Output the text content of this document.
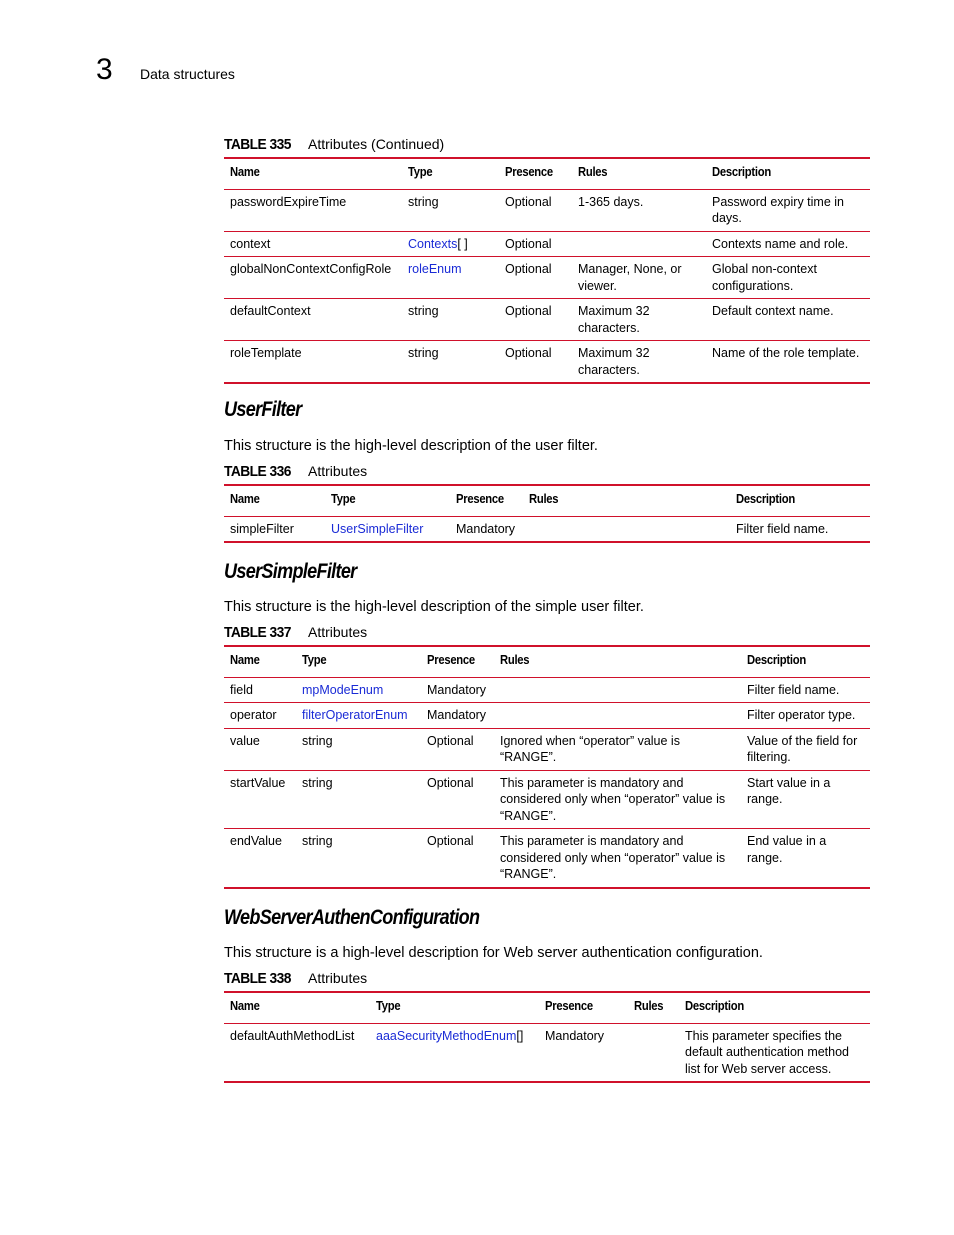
3 Data structures
TABLE 335 Attributes (Continued)
Name	Type	Presence	Rules	Description
passwordExpireTime	string	Optional	1-365 days.	Password expiry time in days.
context	Contexts[ ]	Optional		Contexts name and role.
globalNonContextConfigRole	roleEnum	Optional	Manager, None, or viewer.	Global non-context configurations.
defaultContext	string	Optional	Maximum 32 characters.	Default context name.
roleTemplate	string	Optional	Maximum 32 characters.	Name of the role template.
UserFilter
This structure is the high-level description of the user filter.
TABLE 336 Attributes
Name	Type	Presence	Rules	Description
simpleFilter	UserSimpleFilter	Mandatory		Filter field name.
UserSimpleFilter
This structure is the high-level description of the simple user filter.
TABLE 337 Attributes
Name	Type	Presence	Rules	Description
field	mpModeEnum	Mandatory		Filter field name.
operator	filterOperatorEnum	Mandatory		Filter operator type.
value	string	Optional	Ignored when “operator” value is “RANGE”.	Value of the field for filtering.
startValue	string	Optional	This parameter is mandatory and considered only when “operator” value is “RANGE”.	Start value in a range.
endValue	string	Optional	This parameter is mandatory and considered only when “operator” value is “RANGE”.	End value in a range.
WebServerAuthenConfiguration
This structure is a high-level description for Web server authentication configuration.
TABLE 338 Attributes
Name	Type	Presence	Rules	Description
defaultAuthMethodList	aaaSecurityMethodEnum[]	Mandatory		This parameter specifies the default authentication method list for Web server access.
